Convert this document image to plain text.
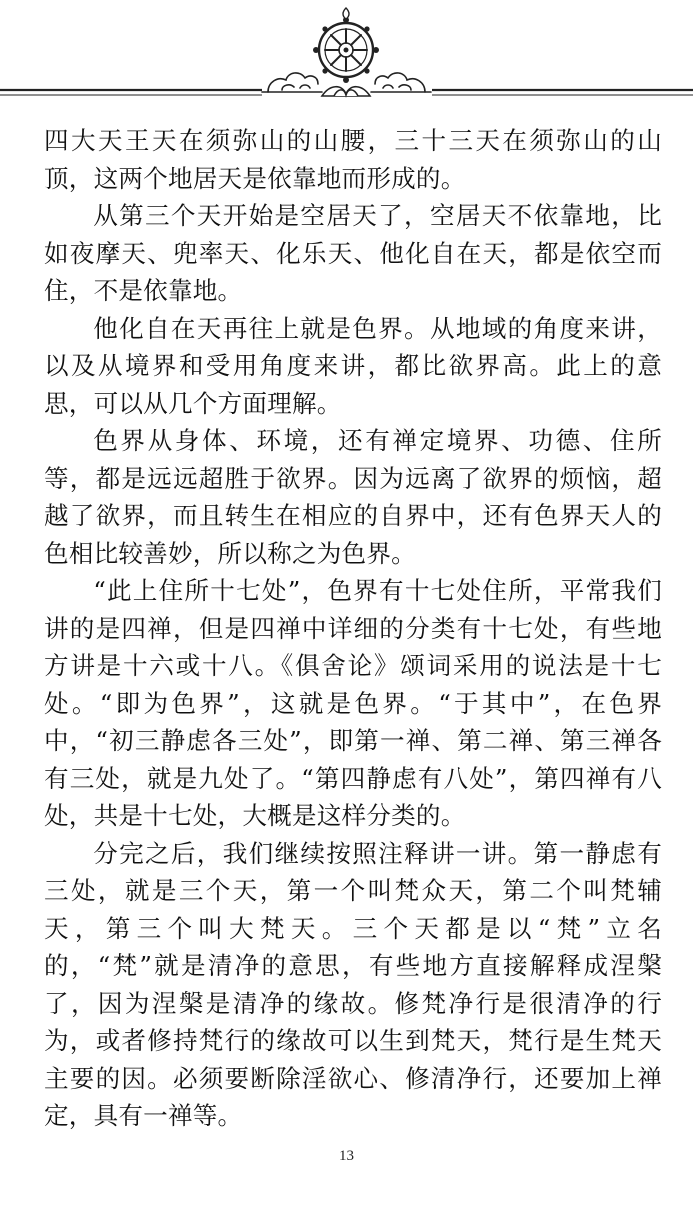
四大天王天在须弥山的山腰，三十三天在须弥山的山顶，这两个地居天是依靠地而形成的。

从第三个天开始是空居天了，空居天不依靠地，比如夜摩天、兜率天、化乐天、他化自在天，都是依空而住，不是依靠地。

他化自在天再往上就是色界。从地域的角度来讲，以及从境界和受用角度来讲，都比欲界高。此上的意思，可以从几个方面理解。

色界从身体、环境，还有禅定境界、功德、住所等，都是远远超胜于欲界。因为远离了欲界的烦恼，超越了欲界，而且转生在相应的自界中，还有色界天人的色相比较善妙，所以称之为色界。

“此上住所十七处”，色界有十七处住所，平常我们讲的是四禅，但是四禅中详细的分类有十七处，有些地方讲是十六或十八。《俱舍论》颂词采用的说法是十七处。“即为色界”，这就是色界。“于其中”，在色界中，“初三静虑各三处”，即第一禅、第二禅、第三禅各有三处，就是九处了。“第四静虑有八处”，第四禅有八处，共是十七处，大概是这样分类的。

分完之后，我们继续按照注释讲一讲。第一静虑有三处，就是三个天，第一个叫梵众天，第二个叫梵辅天，第三个叫大梵天。三个天都是以“梵”立名的，“梵”就是清净的意思，有些地方直接解释成涅槃了，因为涅槃是清净的缘故。修梵净行是很清净的行为，或者修持梵行的缘故可以生到梵天，梵行是生梵天主要的因。必须要断除淫欲心、修清净行，还要加上禅定，具有一禅等。

13
